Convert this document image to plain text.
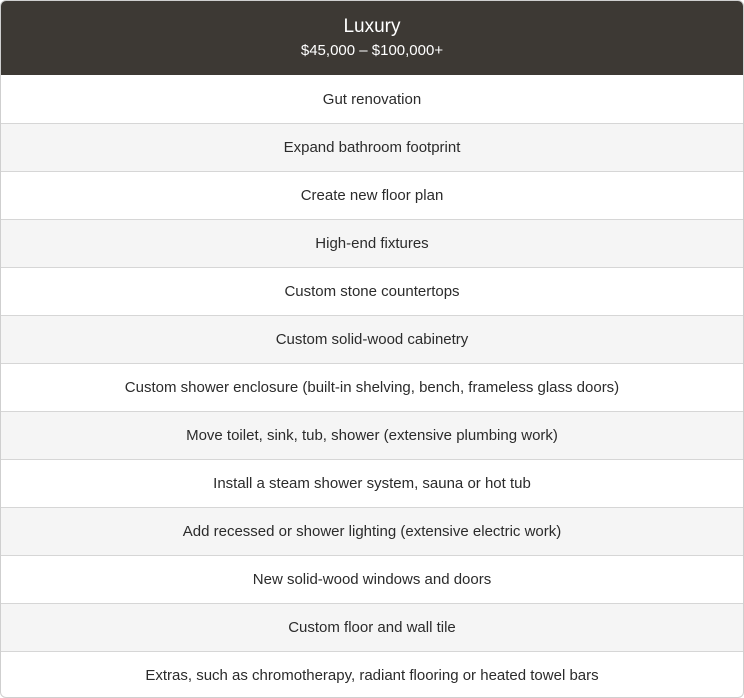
Luxury
$45,000 – $100,000+
Gut renovation
Expand bathroom footprint
Create new floor plan
High-end fixtures
Custom stone countertops
Custom solid-wood cabinetry
Custom shower enclosure (built-in shelving, bench, frameless glass doors)
Move toilet, sink, tub, shower (extensive plumbing work)
Install a steam shower system, sauna or hot tub
Add recessed or shower lighting (extensive electric work)
New solid-wood windows and doors
Custom floor and wall tile
Extras, such as chromotherapy, radiant flooring or heated towel bars
